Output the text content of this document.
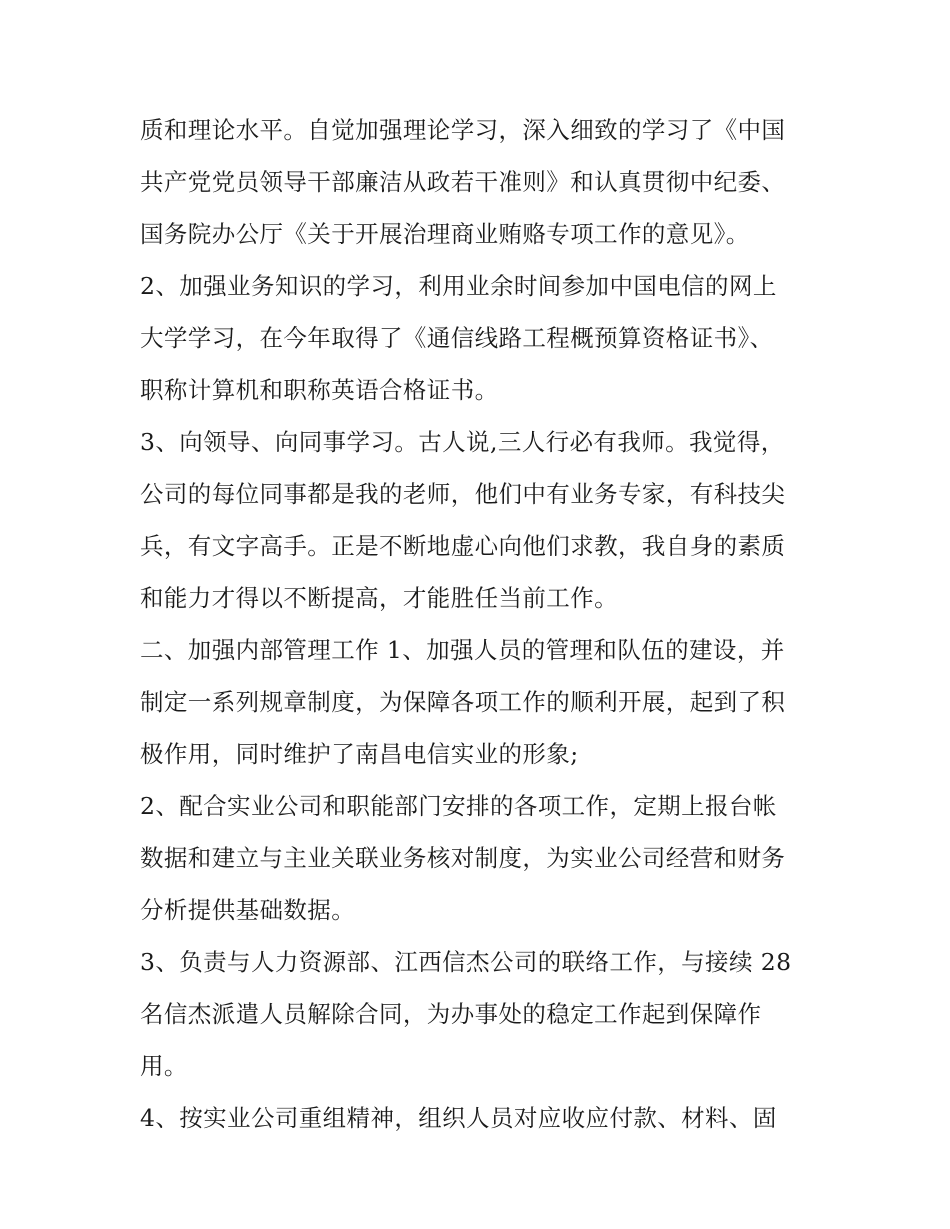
质和理论水平。自觉加强理论学习，深入细致的学习了《中国
共产党党员领导干部廉洁从政若干准则》和认真贯彻中纪委、
国务院办公厅《关于开展治理商业贿赂专项工作的意见》。
2、加强业务知识的学习，利用业余时间参加中国电信的网上
大学学习，在今年取得了《通信线路工程概预算资格证书》、
职称计算机和职称英语合格证书。
3、向领导、向同事学习。古人说,三人行必有我师。我觉得，
公司的每位同事都是我的老师，他们中有业务专家，有科技尖
兵，有文字高手。正是不断地虚心向他们求教，我自身的素质
和能力才得以不断提高，才能胜任当前工作。
二、加强内部管理工作 1、加强人员的管理和队伍的建设，并
制定一系列规章制度，为保障各项工作的顺利开展，起到了积
极作用，同时维护了南昌电信实业的形象;
2、配合实业公司和职能部门安排的各项工作，定期上报台帐
数据和建立与主业关联业务核对制度，为实业公司经营和财务
分析提供基础数据。
3、负责与人力资源部、江西信杰公司的联络工作，与接续 28
名信杰派遣人员解除合同，为办事处的稳定工作起到保障作
用。
4、按实业公司重组精神，组织人员对应收应付款、材料、固
